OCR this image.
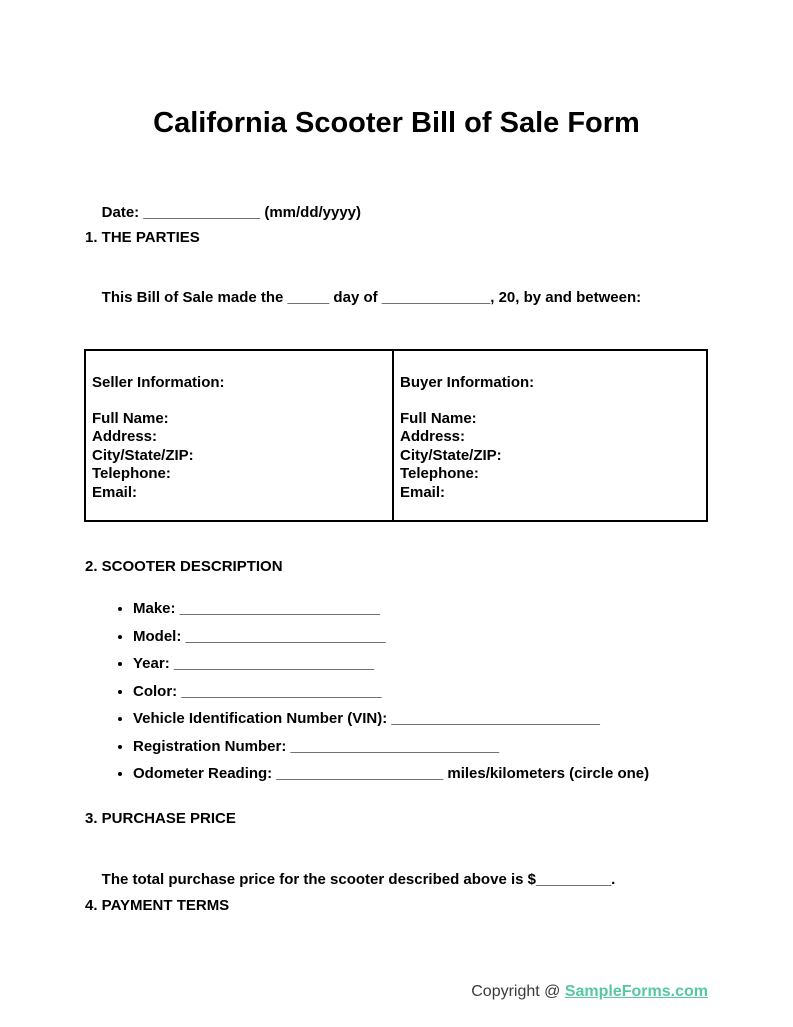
California Scooter Bill of Sale Form

Date: ______________ (mm/dd/yyyy)

1. THE PARTIES

This Bill of Sale made the _____ day of _____________, 20, by and between:

Seller Information:
Full Name:
Address:
City/State/ZIP:
Telephone:
Email:
Buyer Information:
Full Name:
Address:
City/State/ZIP:
Telephone:
Email:
2. SCOOTER DESCRIPTION
• Make: ________________________
• Model: ________________________
• Year: ________________________
• Color: ________________________
• Vehicle Identification Number (VIN): _________________________
• Registration Number: _________________________
• Odometer Reading: ____________________ miles/kilometers (circle one)
3. PURCHASE PRICE

The total purchase price for the scooter described above is $_________.

4. PAYMENT TERMS

Copyright @ SampleForms.com
